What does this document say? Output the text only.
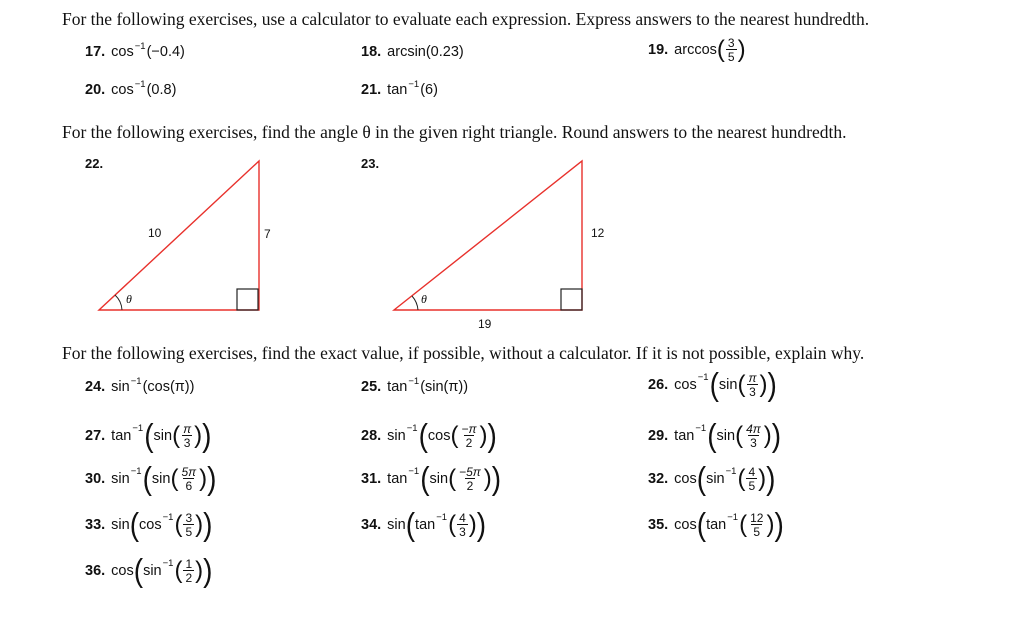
For the following exercises, use a calculator to evaluate each expression. Express answers to the nearest hundredth.
For the following exercises, find the angle θ in the given right triangle. Round answers to the nearest hundredth.
For the following exercises, find the exact value, if possible, without a calculator. If it is not possible, explain why.
17. $\cos^{-1}(-0.4)$	18. arcsin(0.23)	19. arccos ( $\frac{3}{5}$ )
20. $\cos^{-1}(0.8)$	21. $\tan^{-1}(6)$
22.	23.
10	7
θ
12
19
θ
24. $\sin^{-1}(\cos(\pi))$	25. $\tan^{-1}(\sin(\pi))$	26. cos −1 ( sin ( $\frac{\pi}{3}$ ) )
27. tan −1 ( sin ( $\frac{\pi}{3}$ ) )	28. sin −1 ( cos ( $\frac{-\pi}{2}$ ) )	29. tan −1 ( sin ( $\frac{4\pi}{3}$ ) )
30. sin −1 ( sin ( $\frac{5\pi}{6}$ ) )	31. tan −1 ( sin ( $\frac{-5\pi}{2}$ ) )	32. cos ( sin −1 ( $\frac{4}{5}$ ) )
33. sin ( cos −1 ( $\frac{3}{5}$ ) )	34. sin ( tan −1 ( $\frac{4}{3}$ ) )	35. cos ( tan −1 ( $\frac{12}{5}$ ) )
36. cos ( sin −1 ( $\frac{1}{2}$ ) )
